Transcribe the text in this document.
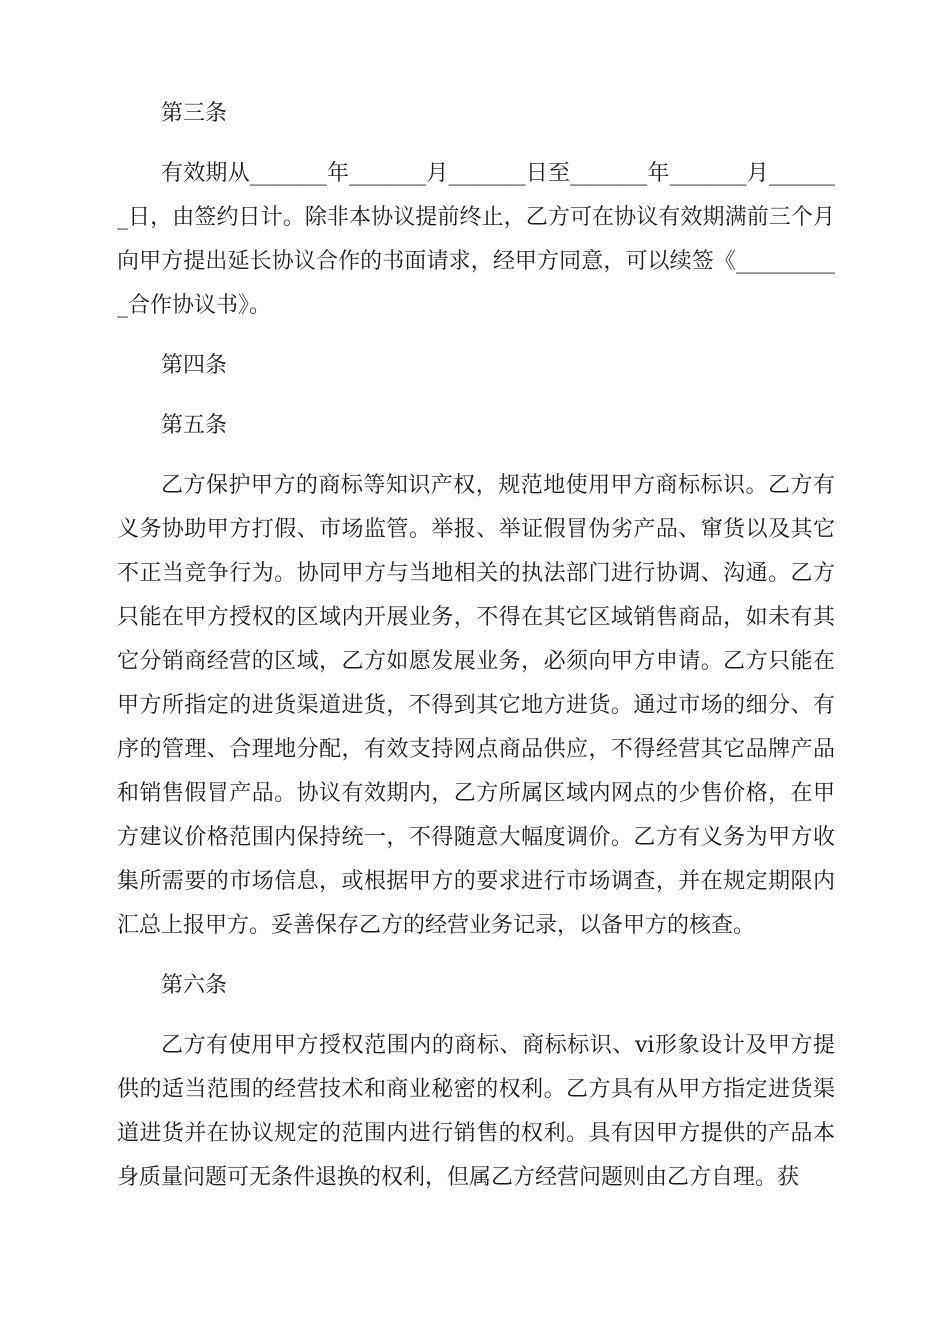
第三条

有效期从_______年_______月_______日至_______年_______月_______日，由签约日计。除非本协议提前终止，乙方可在协议有效期满前三个月向甲方提出延长协议合作的书面请求，经甲方同意，可以续签《__________合作协议书》。

第四条

第五条

乙方保护甲方的商标等知识产权，规范地使用甲方商标标识。乙方有义务协助甲方打假、市场监管。举报、举证假冒伪劣产品、窜货以及其它不正当竞争行为。协同甲方与当地相关的执法部门进行协调、沟通。乙方只能在甲方授权的区域内开展业务，不得在其它区域销售商品，如未有其它分销商经营的区域，乙方如愿发展业务，必须向甲方申请。乙方只能在甲方所指定的进货渠道进货，不得到其它地方进货。通过市场的细分、有序的管理、合理地分配，有效支持网点商品供应，不得经营其它品牌产品和销售假冒产品。协议有效期内，乙方所属区域内网点的少售价格，在甲方建议价格范围内保持统一，不得随意大幅度调价。乙方有义务为甲方收集所需要的市场信息，或根据甲方的要求进行市场调查，并在规定期限内汇总上报甲方。妥善保存乙方的经营业务记录，以备甲方的核查。

第六条

乙方有使用甲方授权范围内的商标、商标标识、vi形象设计及甲方提供的适当范围的经营技术和商业秘密的权利。乙方具有从甲方指定进货渠道进货并在协议规定的范围内进行销售的权利。具有因甲方提供的产品本身质量问题可无条件退换的权利，但属乙方经营问题则由乙方自理。获
